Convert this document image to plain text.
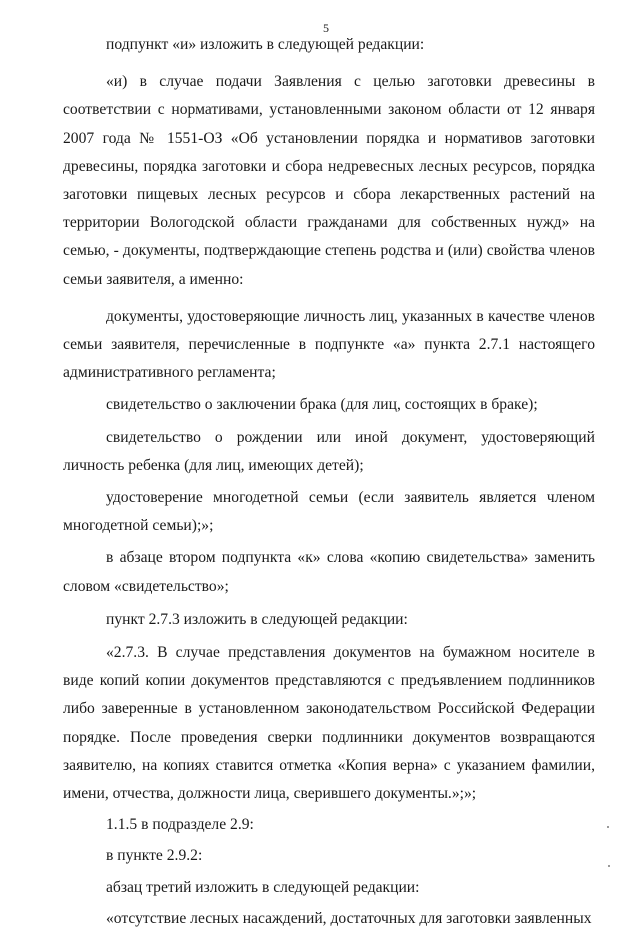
5

подпункт «и» изложить в следующей редакции:

«и) в случае подачи Заявления с целью заготовки древесины в соответствии с нормативами, установленными законом области от 12 января 2007 года № 1551-ОЗ «Об установлении порядка и нормативов заготовки древесины, порядка заготовки и сбора недревесных лесных ресурсов, порядка заготовки пищевых лесных ресурсов и сбора лекарственных растений на территории Вологодской области гражданами для собственных нужд» на семью, - документы, подтверждающие степень родства и (или) свойства членов семьи заявителя, а именно:

документы, удостоверяющие личность лиц, указанных в качестве членов семьи заявителя, перечисленные в подпункте «а» пункта 2.7.1 настоящего административного регламента;

свидетельство о заключении брака (для лиц, состоящих в браке);

свидетельство о рождении или иной документ, удостоверяющий личность ребенка (для лиц, имеющих детей);

удостоверение многодетной семьи (если заявитель является членом многодетной семьи);»;

в абзаце втором подпункта «к» слова «копию свидетельства» заменить словом «свидетельство»;

пункт 2.7.3 изложить в следующей редакции:

«2.7.3. В случае представления документов на бумажном носителе в виде копий копии документов представляются с предъявлением подлинников либо заверенные в установленном законодательством Российской Федерации порядке. После проведения сверки подлинники документов возвращаются заявителю, на копиях ставится отметка «Копия верна» с указанием фамилии, имени, отчества, должности лица, сверившего документы.»;»;

1.1.5 в подразделе 2.9:

в пункте 2.9.2:

абзац третий изложить в следующей редакции:

«отсутствие лесных насаждений, достаточных для заготовки заявленных
